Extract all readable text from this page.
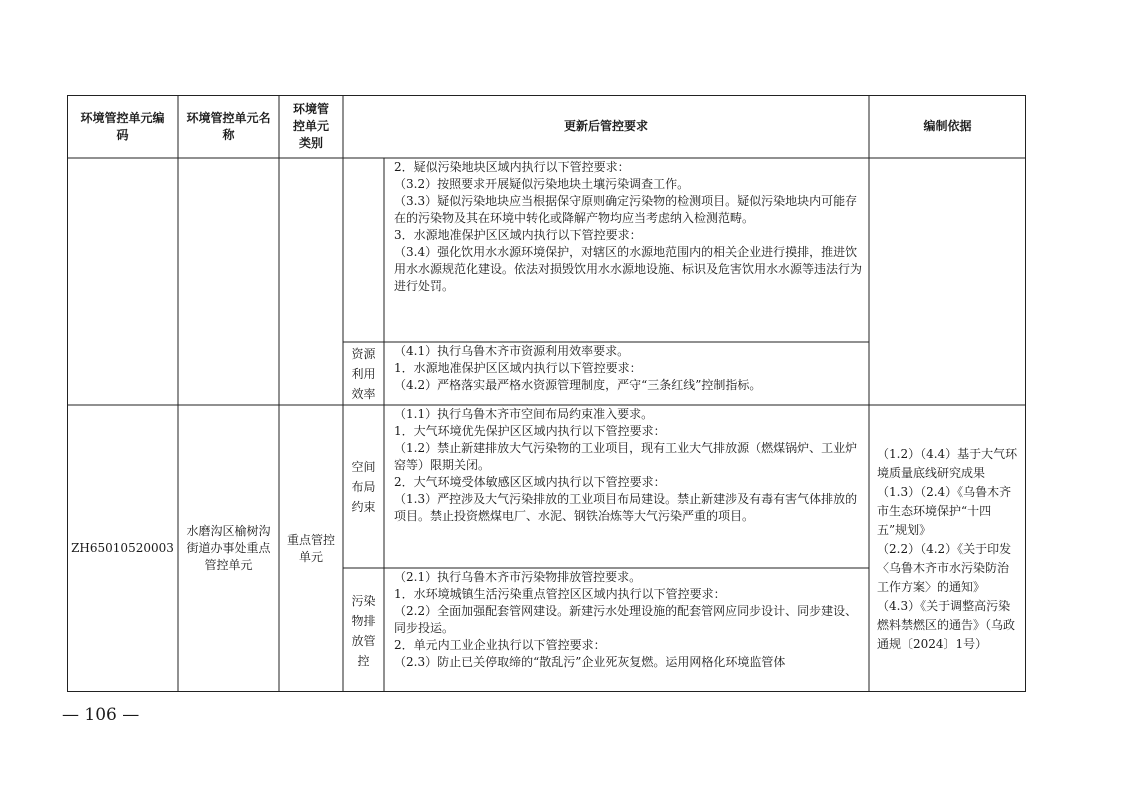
环境管控单元编码
环境管控单元名称
环境管控单元类别
更新后管控要求
2．疑似污染地块区域内执行以下管控要求：
（3.2）按照要求开展疑似污染地块土壤污染调查工作。
（3.3）疑似污染地块应当根据保守原则确定污染物的检测项目。疑似污染地块内可能存在的污染物及其在环境中转化或降解产物均应当考虑纳入检测范畴。
3．水源地准保护区区域内执行以下管控要求：
（3.4）强化饮用水水源环境保护，对辖区的水源地范围内的相关企业进行摸排，推进饮用水水源规范化建设。依法对损毁饮用水水源地设施、标识及危害饮用水水源等违法行为进行处罚。
资源利用效率
（4.1）执行乌鲁木齐市资源利用效率要求。
1．水源地准保护区区域内执行以下管控要求：
（4.2）严格落实最严格水资源管理制度，严守“三条红线”控制指标。
ZH65010520003
水磨沟区榆树沟街道办事处重点管控单元
重点管控单元
空间布局约束
（1.1）执行乌鲁木齐市空间布局约束准入要求。
1．大气环境优先保护区区域内执行以下管控要求：
（1.2）禁止新建排放大气污染物的工业项目，现有工业大气排放源（燃煤锅炉、工业炉窑等）限期关闭。
2．大气环境受体敏感区区域内执行以下管控要求：
（1.3）严控涉及大气污染排放的工业项目布局建设。禁止新建涉及有毒有害气体排放的项目。禁止投资燃煤电厂、水泥、钢铁冶炼等大气污染严重的项目。
污染物排放管控
（2.1）执行乌鲁木齐市污染物排放管控要求。
1．水环境城镇生活污染重点管控区区域内执行以下管控要求：
（2.2）全面加强配套管网建设。新建污水处理设施的配套管网应同步设计、同步建设、同步投运。
2．单元内工业企业执行以下管控要求：
（2.3）防止已关停取缔的“散乱污”企业死灰复燃。运用网格化环境监管体
编制依据
（1.2）（4.4）基于大气环境质量底线研究成果
（1.3）（2.4）《乌鲁木齐市生态环境保护“十四五”规划》
（2.2）（4.2）《关于印发〈乌鲁木齐市水污染防治工作方案〉的通知》
（4.3）《关于调整高污染燃料禁燃区的通告》（乌政通规〔2024〕1号）
— 106 —
